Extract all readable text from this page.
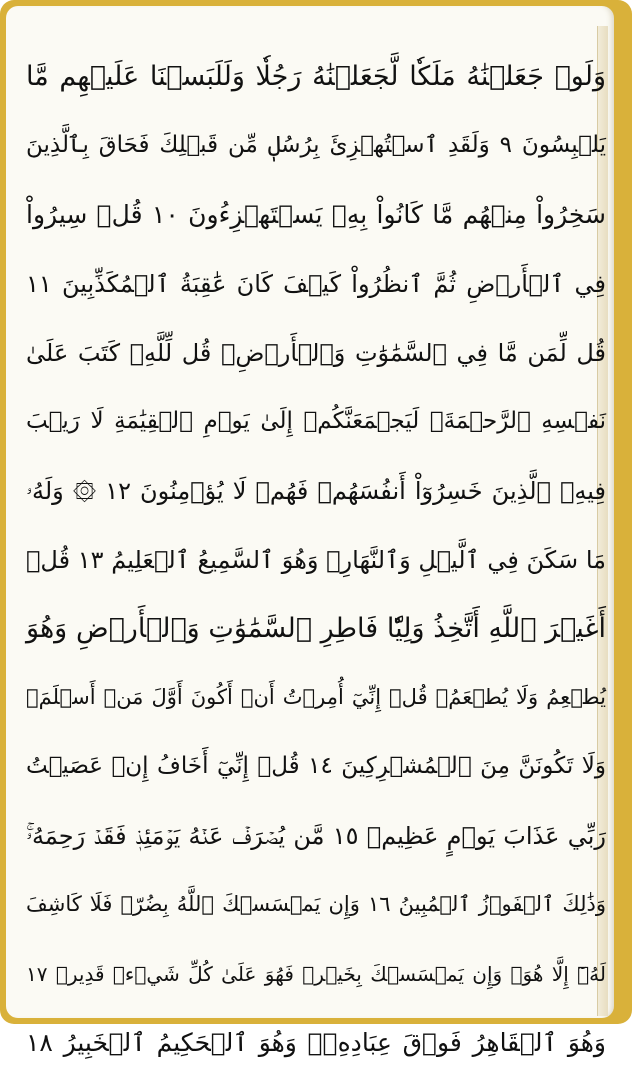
وَلَوۡ جَعَلۡنَٰهُ مَلَكٗا لَّجَعَلۡنَٰهُ رَجُلٗا وَلَلَبَسۡنَا عَلَيۡهِم مَّا
يَلۡبِسُونَ ٩ وَلَقَدِ ٱسۡتُهۡزِئَ بِرُسُلٖ مِّن قَبۡلِكَ فَحَاقَ بِٱلَّذِينَ
سَخِرُواْ مِنۡهُم مَّا كَانُواْ بِهِۦ يَسۡتَهۡزِءُونَ ١٠ قُلۡ سِيرُواْ
فِي ٱلۡأَرۡضِ ثُمَّ ٱنظُرُواْ كَيۡفَ كَانَ عَٰقِبَةُ ٱلۡمُكَذِّبِينَ ١١
قُل لِّمَن مَّا فِي ٱلسَّمَٰوَٰتِ وَٱلۡأَرۡضِۖ قُل لِّلَّهِۚ كَتَبَ عَلَىٰ
نَفۡسِهِ ٱلرَّحۡمَةَۚ لَيَجۡمَعَنَّكُمۡ إِلَىٰ يَوۡمِ ٱلۡقِيَٰمَةِ لَا رَيۡبَ
فِيهِۚ ٱلَّذِينَ خَسِرُوٓاْ أَنفُسَهُمۡ فَهُمۡ لَا يُؤۡمِنُونَ ١٢ ۞ وَلَهُۥ
مَا سَكَنَ فِي ٱلَّيۡلِ وَٱلنَّهَارِۚ وَهُوَ ٱلسَّمِيعُ ٱلۡعَلِيمُ ١٣ قُلۡ
أَغَيۡرَ ٱللَّهِ أَتَّخِذُ وَلِيّٗا فَاطِرِ ٱلسَّمَٰوَٰتِ وَٱلۡأَرۡضِ وَهُوَ
يُطۡعِمُ وَلَا يُطۡعَمُۗ قُلۡ إِنِّيٓ أُمِرۡتُ أَنۡ أَكُونَ أَوَّلَ مَنۡ أَسۡلَمَۖ
وَلَا تَكُونَنَّ مِنَ ٱلۡمُشۡرِكِينَ ١٤ قُلۡ إِنِّيٓ أَخَافُ إِنۡ عَصَيۡتُ
رَبِّي عَذَابَ يَوۡمٍ عَظِيمٖ ١٥ مَّن يُصۡرَفۡ عَنۡهُ يَوۡمَئِذٖ فَقَدۡ رَحِمَهُۥۚ
وَذَٰلِكَ ٱلۡفَوۡزُ ٱلۡمُبِينُ ١٦ وَإِن يَمۡسَسۡكَ ٱللَّهُ بِضُرّٖ فَلَا كَاشِفَ
لَهُۥٓ إِلَّا هُوَۖ وَإِن يَمۡسَسۡكَ بِخَيۡرٖ فَهُوَ عَلَىٰ كُلِّ شَيۡءٖ قَدِيرٞ ١٧
وَهُوَ ٱلۡقَاهِرُ فَوۡقَ عِبَادِهِۦۚ وَهُوَ ٱلۡحَكِيمُ ٱلۡخَبِيرُ ١٨
